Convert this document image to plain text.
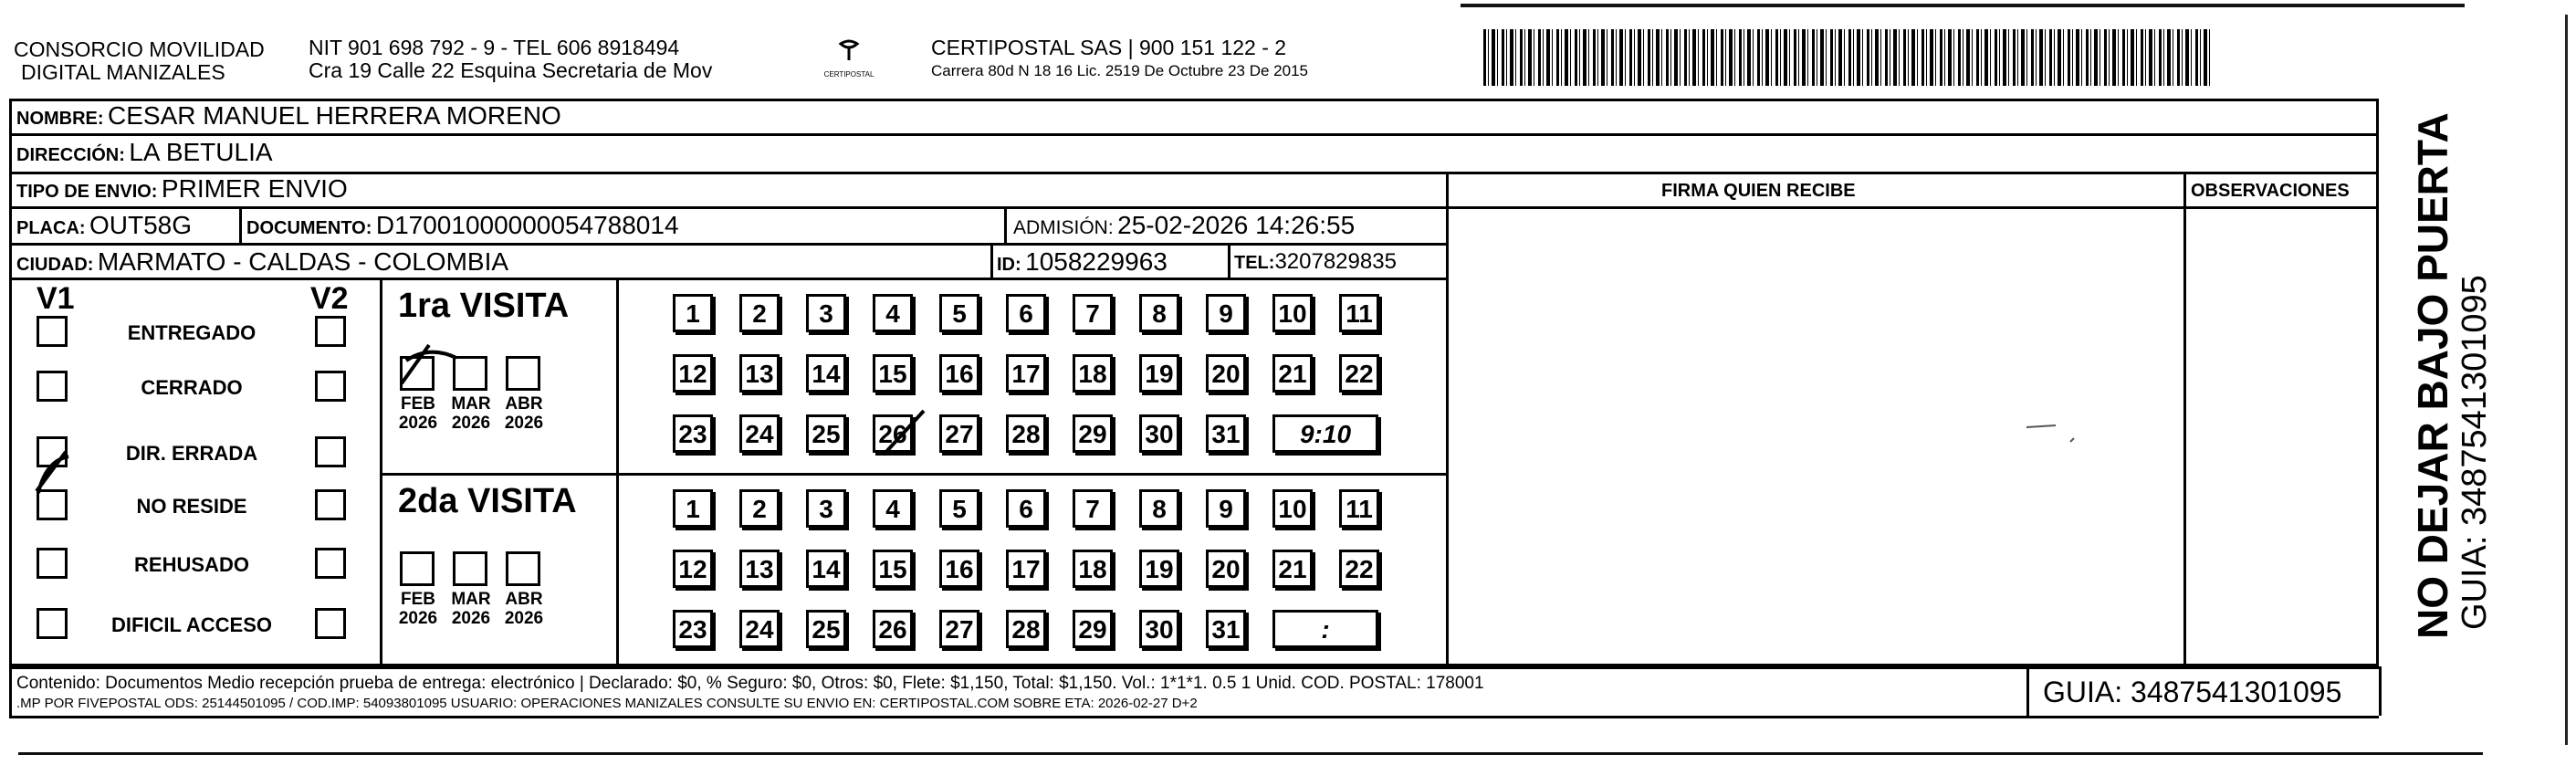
CONSORCIO MOVILIDAD
DIGITAL MANIZALES
NIT 901 698 792 - 9 - TEL 606 8918494
Cra 19 Calle 22 Esquina Secretaria de Mov	CERTIPOSTAL
CERTIPOSTAL SAS | 900 151 122 - 2
Carrera 80d N 18 16 Lic. 2519 De Octubre 23 De 2015
NOMBRE: CESAR MANUEL HERRERA MORENO
DIRECCIÓN: LA BETULIA
TIPO DE ENVIO: PRIMER ENVIO	FIRMA QUIEN RECIBE	OBSERVACIONES
PLACA: OUT58G	DOCUMENTO: D17001000000054788014	ADMISIÓN: 25-02-2026 14:26:55
CIUDAD: MARMATO - CALDAS - COLOMBIA	ID: 1058229963	TEL:3207829835
V1	V2
ENTREGADO
CERRADO
DIR. ERRADA
NO RESIDE
REHUSADO
DIFICIL ACCESO
1ra VISITA
2da VISITA
FEB
2026
MAR
2026
ABR
2026
FEB
2026
MAR
2026
ABR
2026
1	2	3	4	5	6	7	8	9	10 11
12 13 14 15 16 17 18 19 20 21 22
23 24 25 26 27 28 29 30 31	9:10
1	2	3	4	5	6	7	8	9	10 11
12 13 14 15 16 17 18 19 20 21 22
23 24 25 26 27 28 29 30 31	:
Contenido: Documentos Medio recepción prueba de entrega: electrónico | Declarado: $0, % Seguro: $0, Otros: $0, Flete: $1,150, Total: $1,150. Vol.: 1*1*1. 0.5 1 Unid. COD. POSTAL: 178001
.MP POR FIVEPOSTAL ODS: 25144501095 / COD.IMP: 54093801095 USUARIO: OPERACIONES MANIZALES CONSULTE SU ENVIO EN: CERTIPOSTAL.COM SOBRE ETA: 2026-02-27 D+2	GUIA: 3487541301095
NO DEJAR BAJO PUERTA GUIA: 3487541301095
